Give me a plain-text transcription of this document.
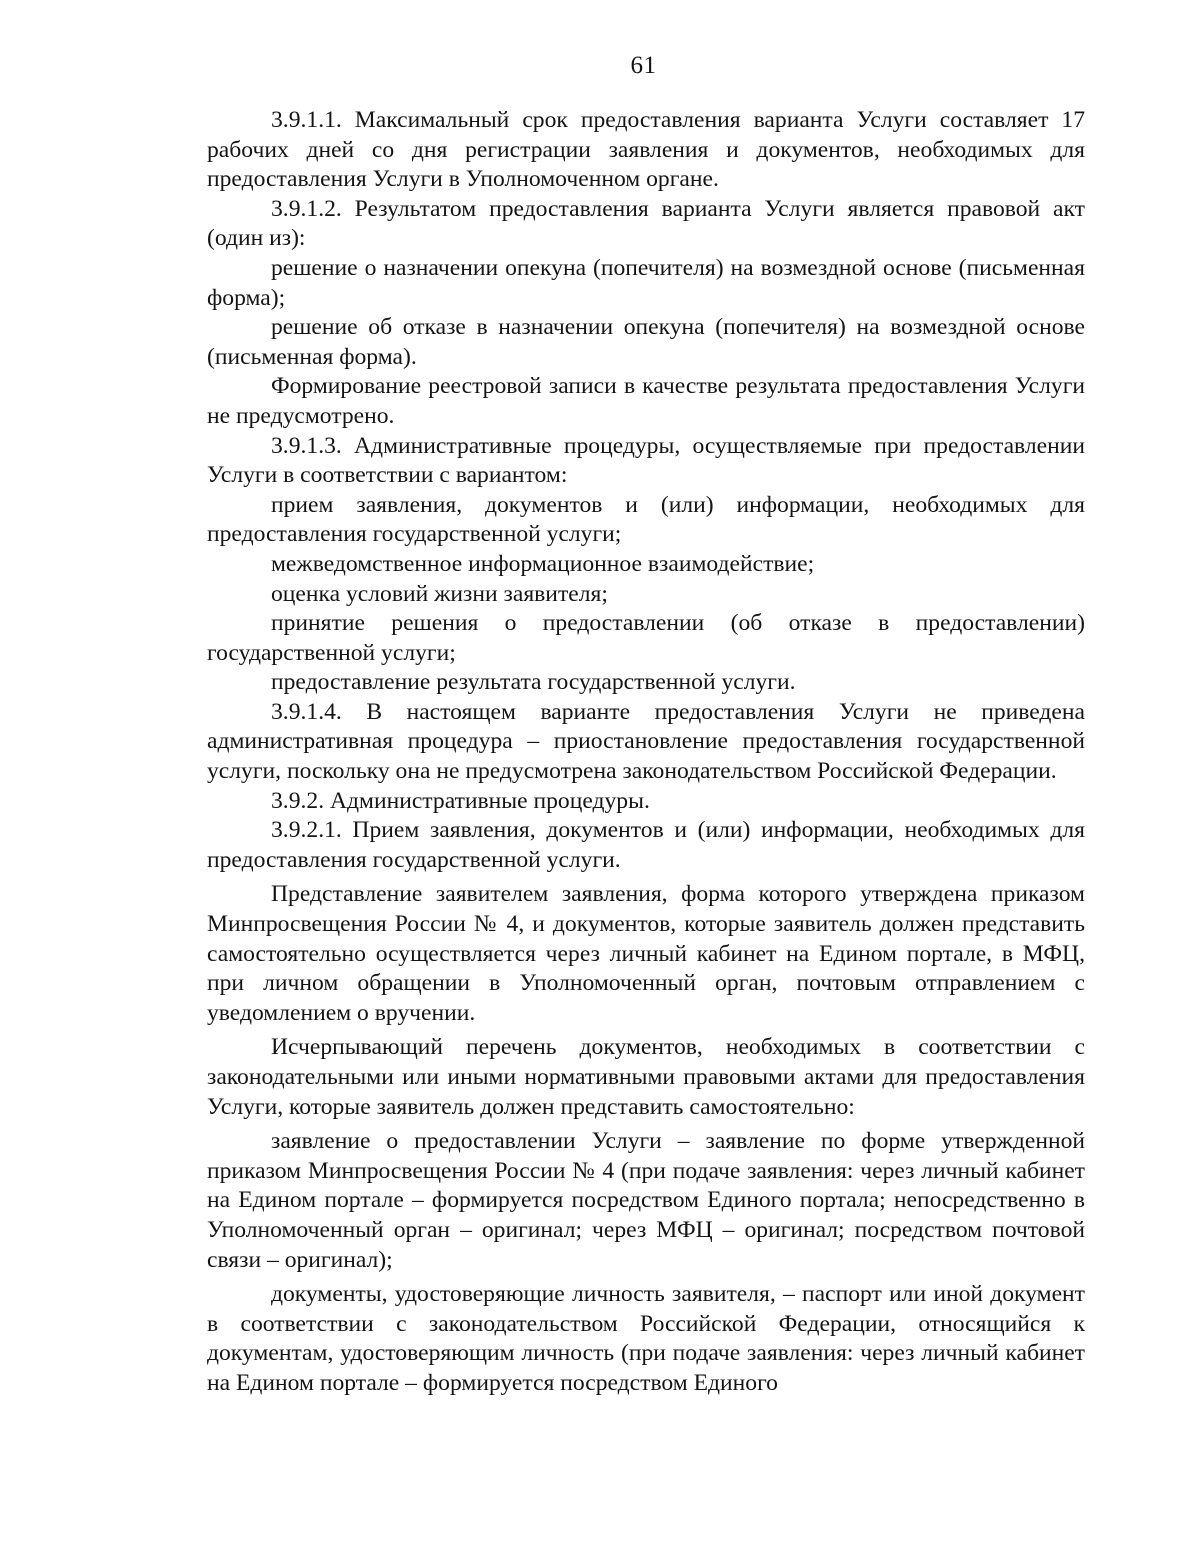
61

3.9.1.1. Максимальный срок предоставления варианта Услуги составляет 17 рабочих дней со дня регистрации заявления и документов, необходимых для предоставления Услуги в Уполномоченном органе.

3.9.1.2. Результатом предоставления варианта Услуги является правовой акт (один из):

решение о назначении опекуна (попечителя) на возмездной основе (письменная форма);

решение об отказе в назначении опекуна (попечителя) на возмездной основе (письменная форма).

Формирование реестровой записи в качестве результата предоставления Услуги не предусмотрено.

3.9.1.3. Административные процедуры, осуществляемые при предоставлении Услуги в соответствии с вариантом:

прием заявления, документов и (или) информации, необходимых для предоставления государственной услуги;

межведомственное информационное взаимодействие;

оценка условий жизни заявителя;

принятие решения о предоставлении (об отказе в предоставлении) государственной услуги;

предоставление результата государственной услуги.

3.9.1.4. В настоящем варианте предоставления Услуги не приведена административная процедура – приостановление предоставления государственной услуги, поскольку она не предусмотрена законодательством Российской Федерации.

3.9.2. Административные процедуры.

3.9.2.1. Прием заявления, документов и (или) информации, необходимых для предоставления государственной услуги.

Представление заявителем заявления, форма которого утверждена приказом Минпросвещения России № 4, и документов, которые заявитель должен представить самостоятельно осуществляется через личный кабинет на Едином портале, в МФЦ, при личном обращении в Уполномоченный орган, почтовым отправлением с уведомлением о вручении.

Исчерпывающий перечень документов, необходимых в соответствии с законодательными или иными нормативными правовыми актами для предоставления Услуги, которые заявитель должен представить самостоятельно:

заявление о предоставлении Услуги – заявление по форме утвержденной приказом Минпросвещения России № 4 (при подаче заявления: через личный кабинет на Едином портале – формируется посредством Единого портала; непосредственно в Уполномоченный орган – оригинал; через МФЦ – оригинал; посредством почтовой связи – оригинал);

документы, удостоверяющие личность заявителя, – паспорт или иной документ в соответствии с законодательством Российской Федерации, относящийся к документам, удостоверяющим личность (при подаче заявления: через личный кабинет на Едином портале – формируется посредством Единого
